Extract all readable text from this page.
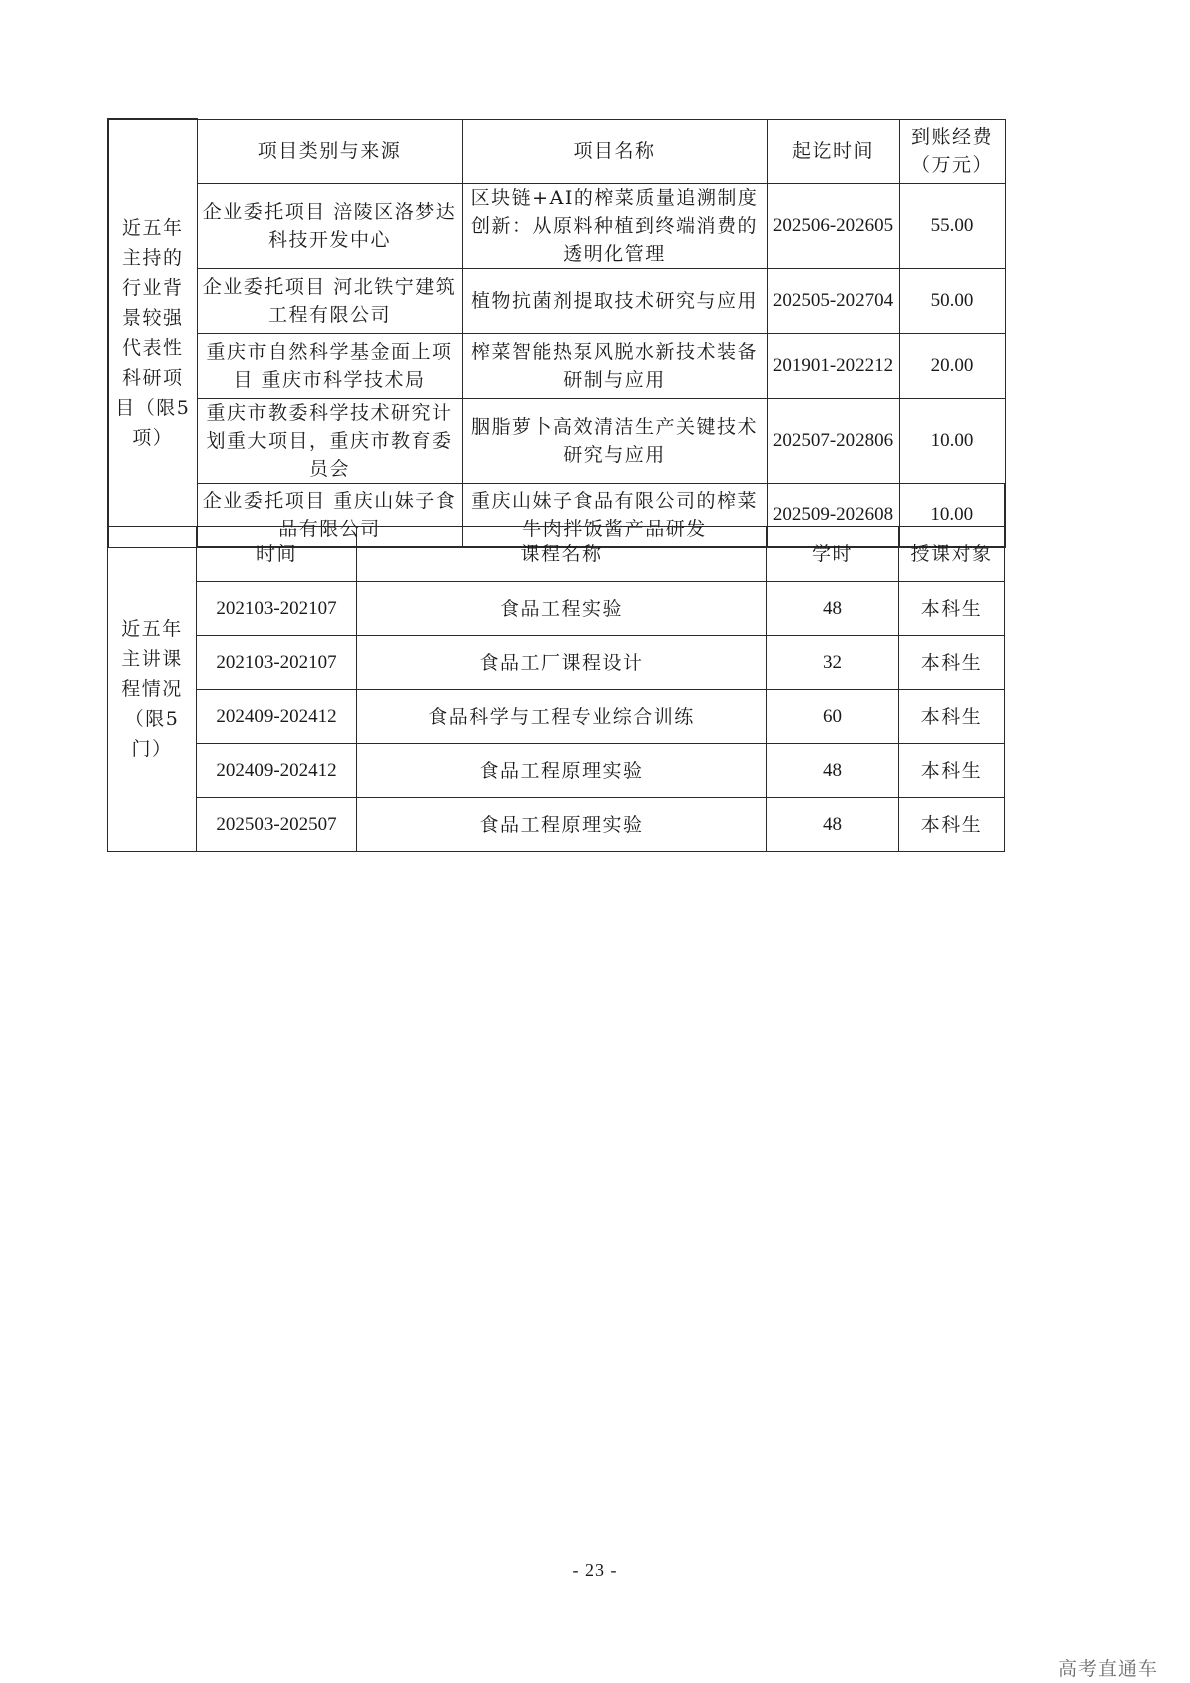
近五年主持的行业背景较强代表性科研项目（限5项）	项目类别与来源	项目名称	起讫时间	到账经费（万元）
	企业委托项目 涪陵区洛梦达科技开发中心	区块链+AI的榨菜质量追溯制度创新：从原料种植到终端消费的透明化管理	202506-202605	55.00
	企业委托项目 河北铁宁建筑工程有限公司	植物抗菌剂提取技术研究与应用	202505-202704	50.00
	重庆市自然科学基金面上项目 重庆市科学技术局	榨菜智能热泵风脱水新技术装备研制与应用	201901-202212	20.00
	重庆市教委科学技术研究计划重大项目，重庆市教育委员会	胭脂萝卜高效清洁生产关键技术研究与应用	202507-202806	10.00
	企业委托项目 重庆山妹子食品有限公司	重庆山妹子食品有限公司的榨菜牛肉拌饭酱产品研发	202509-202608	10.00
近五年主讲课程情况（限5门）	时间	课程名称	学时	授课对象
	202103-202107	食品工程实验	48	本科生
	202103-202107	食品工厂课程设计	32	本科生
	202409-202412	食品科学与工程专业综合训练	60	本科生
	202409-202412	食品工程原理实验	48	本科生
	202503-202507	食品工程原理实验	48	本科生
- 23 -
高考直通车
